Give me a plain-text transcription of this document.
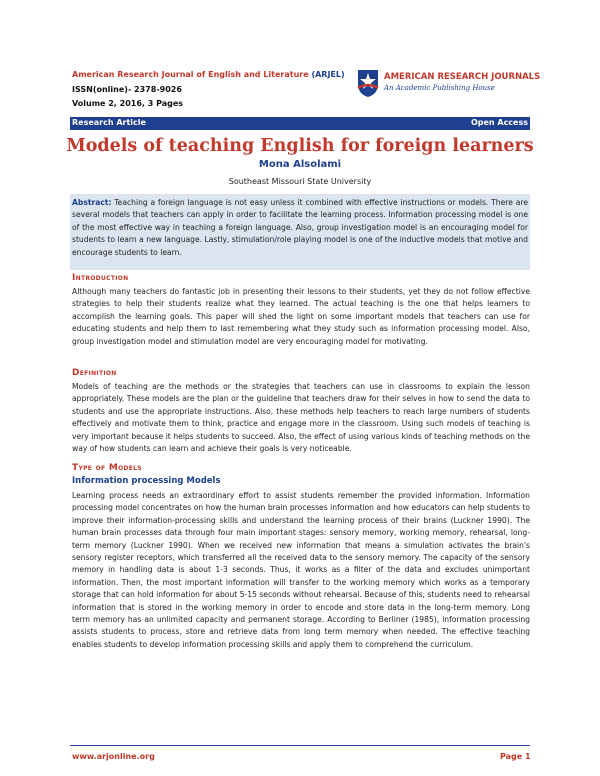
American Research Journal of English and Literature (ARJEL)
ISSN(online)- 2378-9026
Volume 2, 2016, 3 Pages
AMERICAN RESEARCH JOURNALS
An Academic Publishing House
Research Article	Open Access
Models of teaching English for foreign learners
Mona Alsolami
Southeast Missouri State University
Abstract: Teaching a foreign language is not easy unless it combined with effective instructions or models. There are several models that teachers can apply in order to facilitate the learning process. Information processing model is one of the most effective way in teaching a foreign language. Also, group investigation model is an encouraging model for students to learn a new language. Lastly, stimulation/role playing model is one of the inductive models that motive and encourage students to learn.
Introduction
Although many teachers do fantastic job in presenting their lessons to their students, yet they do not follow effective strategies to help their students realize what they learned. The actual teaching is the one that helps learners to accomplish the learning goals. This paper will shed the light on some important models that teachers can use for educating students and help them to last remembering what they study such as information processing model. Also, group investigation model and stimulation model are very encouraging model for motivating.
Definition
Models of teaching are the methods or the strategies that teachers can use in classrooms to explain the lesson appropriately. These models are the plan or the guideline that teachers draw for their selves in how to send the data to students and use the appropriate instructions. Also, these methods help teachers to reach large numbers of students effectively and motivate them to think, practice and engage more in the classroom. Using such models of teaching is very important because it helps students to succeed. Also, the effect of using various kinds of teaching methods on the way of how students can learn and achieve their goals is very noticeable.
Type of Models
Information processing Models
Learning process needs an extraordinary effort to assist students remember the provided information. Information processing model concentrates on how the human brain processes information and how educators can help students to improve their information-processing skills and understand the learning process of their brains (Luckner 1990). The human brain processes data through four main important stages: sensory memory, working memory, rehearsal, long-term memory (Luckner 1990). When we received new information that means a simulation activates the brain's sensory register receptors, which transferred all the received data to the sensory memory. The capacity of the sensory memory in handling data is about 1-3 seconds. Thus, it works as a filter of the data and excludes unimportant information. Then, the most important information will transfer to the working memory which works as a temporary storage that can hold information for about 5-15 seconds without rehearsal. Because of this, students need to rehearsal information that is stored in the working memory in order to encode and store data in the long-term memory. Long term memory has an unlimited capacity and permanent storage. According to Berliner (1985), information processing assists students to process, store and retrieve data from long term memory when needed. The effective teaching enables students to develop information processing skills and apply them to comprehend the curriculum.
www.arjonline.org	Page 1
